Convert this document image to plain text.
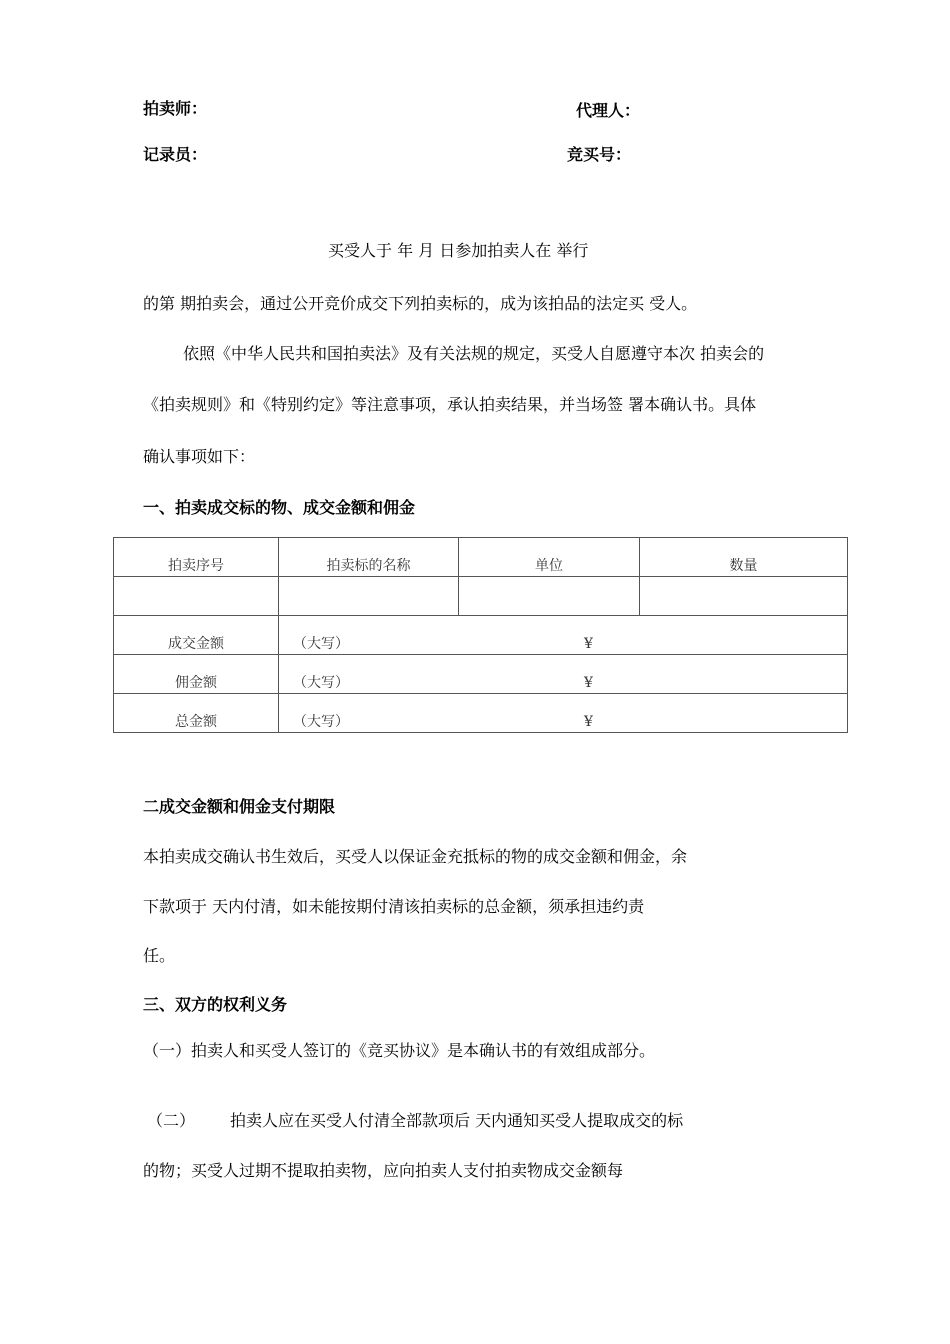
拍卖师：	代理人：
记录员：	竞买号：
买受人于 年 月 日参加拍卖人在 举行
的第 期拍卖会，通过公开竞价成交下列拍卖标的，成为该拍品的法定买 受人。
依照《中华人民共和国拍卖法》及有关法规的规定，买受人自愿遵守本次 拍卖会的
《拍卖规则》和《特别约定》等注意事项，承认拍卖结果，并当场签 署本确认书。具体
确认事项如下：
一、拍卖成交标的物、成交金额和佣金
拍卖序号	拍卖标的名称	单位	数量

成交金额	（大写） ¥		
佣金额	（大写） ¥		
总金额	（大写） ¥		
二成交金额和佣金支付期限
本拍卖成交确认书生效后，买受人以保证金充抵标的物的成交金额和佣金，余
下款项于 天内付清，如未能按期付清该拍卖标的总金额，须承担违约责
任。
三、双方的权利义务
（一）拍卖人和买受人签订的《竞买协议》是本确认书的有效组成部分。
（二） 拍卖人应在买受人付清全部款项后 天内通知买受人提取成交的标
的物；买受人过期不提取拍卖物，应向拍卖人支付拍卖物成交金额每
